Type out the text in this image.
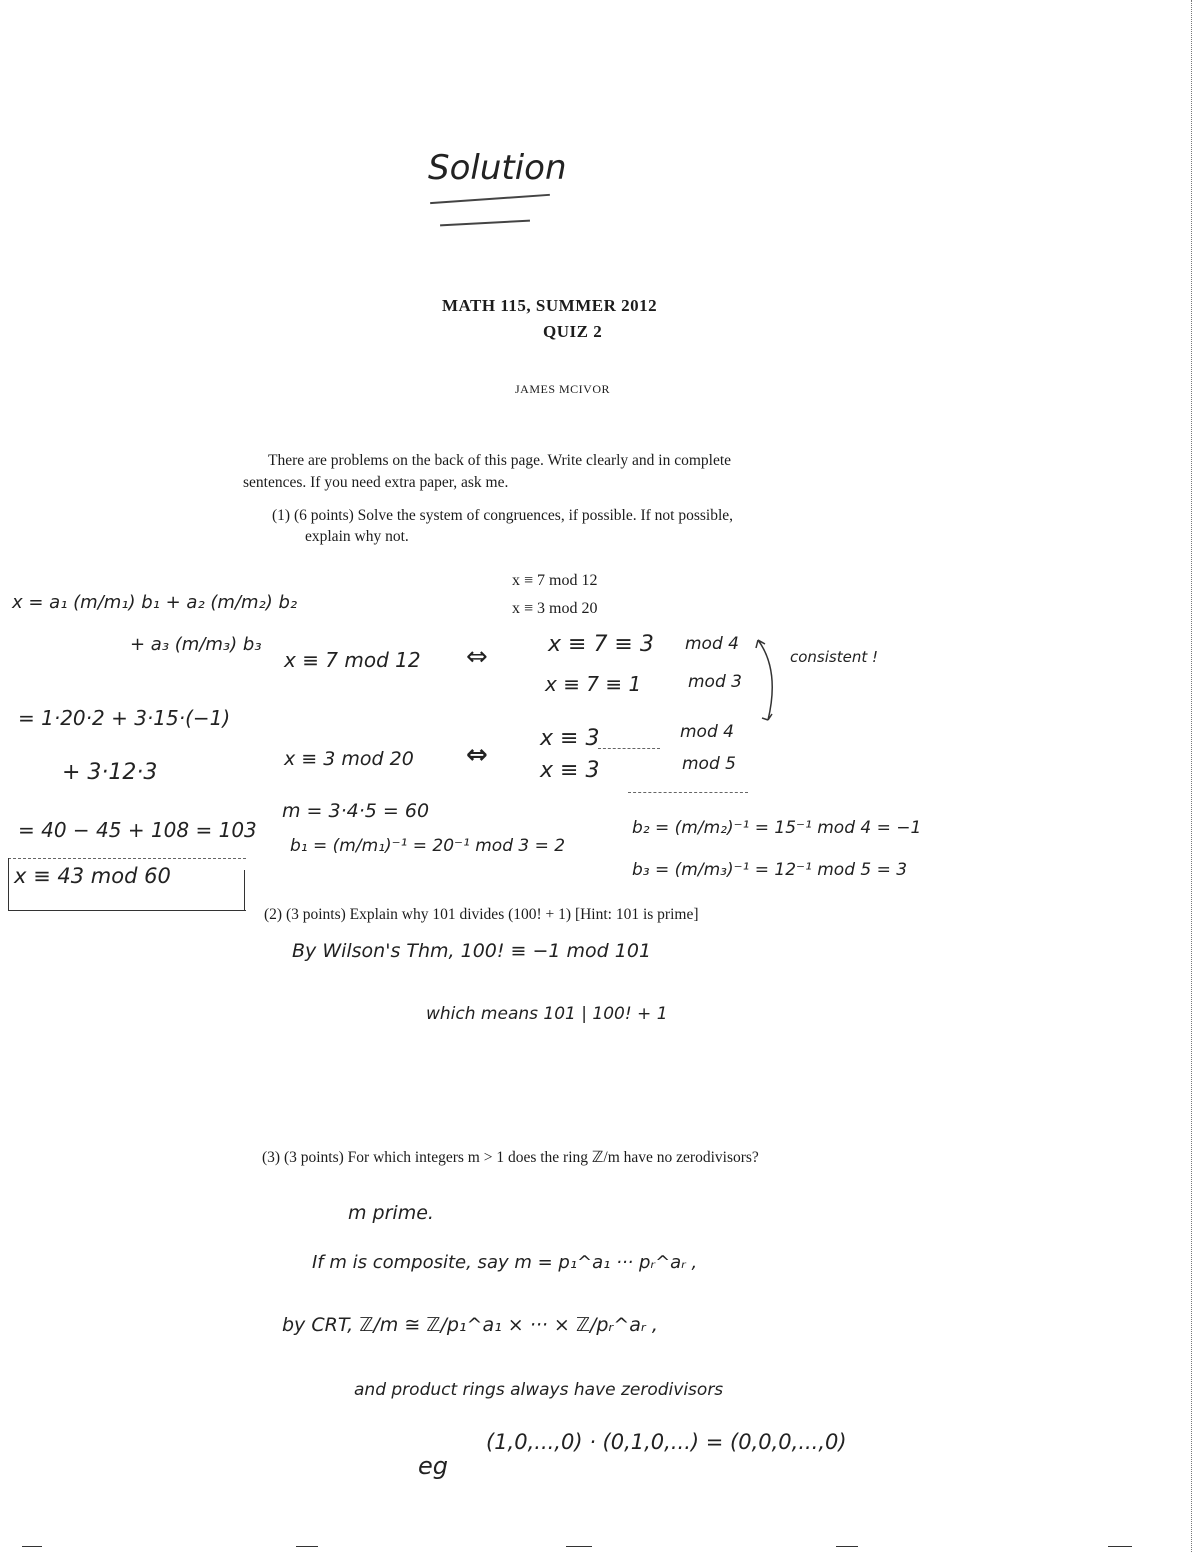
Solution
MATH 115, SUMMER 2012
QUIZ 2
JAMES MCIVOR
There are problems on the back of this page. Write clearly and in complete
sentences. If you need extra paper, ask me.
(1) (6 points) Solve the system of congruences, if possible. If not possible,
explain why not.
x ≡ 7 mod 12
x ≡ 3 mod 20
x = a₁ (m/m₁) b₁ + a₂ (m/m₂) b₂
+ a₃ (m/m₃) b₃
= 1·20·2 + 3·15·(−1)
+ 3·12·3
= 40 − 45 + 108 = 103
x ≡ 43 mod 60
x ≡ 7 mod 12 ⇔
x ≡ 3 mod 20 ⇔
x ≡ 7 ≡ 3 mod 4
x ≡ 7 ≡ 1	mod 3
x ≡ 3	mod 4
x ≡ 3	mod 5
consistent !
m = 3·4·5 = 60
b₁ = (m/m₁)⁻¹ = 20⁻¹ mod 3 = 2
b₂ = (m/m₂)⁻¹ = 15⁻¹ mod 4 = −1
b₃ = (m/m₃)⁻¹ = 12⁻¹ mod 5 = 3
(2) (3 points) Explain why 101 divides (100! + 1) [Hint: 101 is prime]
By Wilson's Thm, 100! ≡ −1 mod 101
which means 101 | 100! + 1
(3) (3 points) For which integers m > 1 does the ring ℤ/m have no zerodivisors?
m prime.
If m is composite, say m = p₁^a₁ ··· pᵣ^aᵣ ,
by CRT, ℤ/m ≅ ℤ/p₁^a₁ × ··· × ℤ/pᵣ^aᵣ ,
and product rings always have zerodivisors
eg
(1,0,...,0) · (0,1,0,...) = (0,0,0,...,0)
